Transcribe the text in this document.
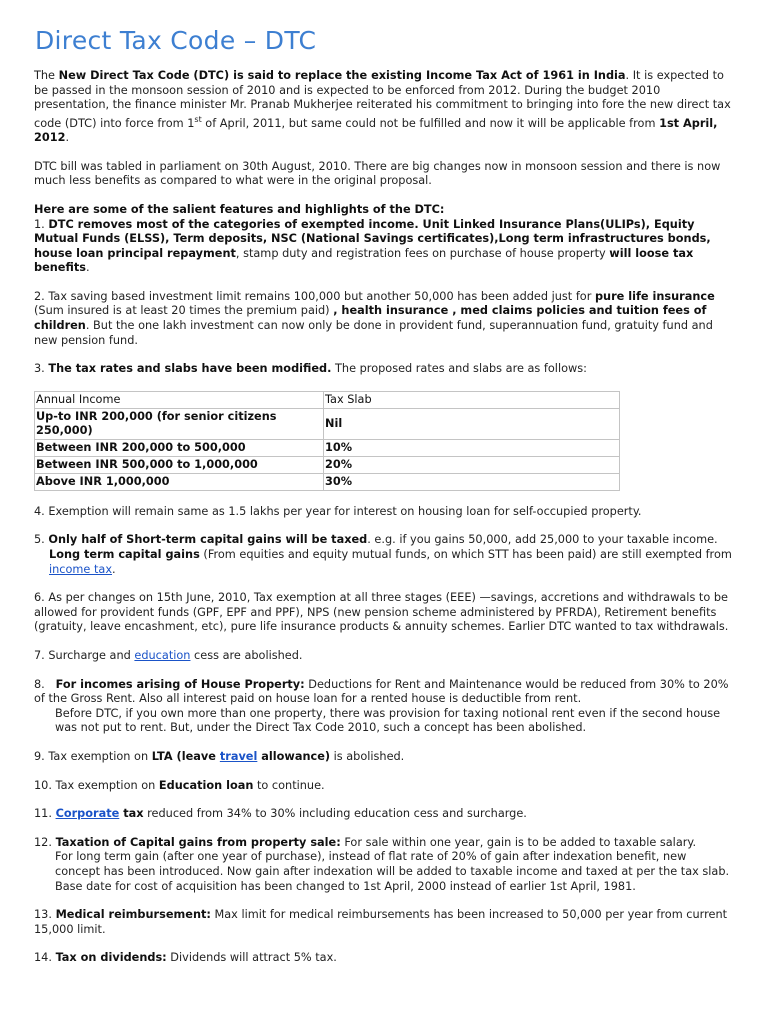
Direct Tax Code – DTC

The New Direct Tax Code (DTC) is said to replace the existing Income Tax Act of 1961 in India. It is expected to be passed in the monsoon session of 2010 and is expected to be enforced from 2012. During the budget 2010 presentation, the finance minister Mr. Pranab Mukherjee reiterated his commitment to bringing into fore the new direct tax code (DTC) into force from 1st of April, 2011, but same could not be fulfilled and now it will be applicable from 1st April, 2012.

DTC bill was tabled in parliament on 30th August, 2010. There are big changes now in monsoon session and there is now much less benefits as compared to what were in the original proposal.

Here are some of the salient features and highlights of the DTC:

1. DTC removes most of the categories of exempted income. Unit Linked Insurance Plans(ULIPs), Equity Mutual Funds (ELSS), Term deposits, NSC (National Savings certificates),Long term infrastructures bonds, house loan principal repayment, stamp duty and registration fees on purchase of house property will loose tax benefits.

2. Tax saving based investment limit remains 100,000 but another 50,000 has been added just for pure life insurance (Sum insured is at least 20 times the premium paid) , health insurance , med claims policies and tuition fees of children. But the one lakh investment can now only be done in provident fund, superannuation fund, gratuity fund and new pension fund.

3. The tax rates and slabs have been modified. The proposed rates and slabs are as follows:

Annual Income	Tax Slab
Up-to INR 200,000 (for senior citizens 250,000)	Nil
Between INR 200,000 to 500,000	10%
Between INR 500,000 to 1,000,000	20%
Above INR 1,000,000	30%

4. Exemption will remain same as 1.5 lakhs per year for interest on housing loan for self-occupied property.

5. Only half of Short-term capital gains will be taxed. e.g. if you gains 50,000, add 25,000 to your taxable income.

Long term capital gains (From equities and equity mutual funds, on which STT has been paid) are still exempted from income tax.

6. As per changes on 15th June, 2010, Tax exemption at all three stages (EEE) —savings, accretions and withdrawals to be allowed for provident funds (GPF, EPF and PPF), NPS (new pension scheme administered by PFRDA), Retirement benefits (gratuity, leave encashment, etc), pure life insurance products & annuity schemes. Earlier DTC wanted to tax withdrawals.

7. Surcharge and education cess are abolished.

8.   For incomes arising of House Property: Deductions for Rent and Maintenance would be reduced from 30% to 20% of the Gross Rent. Also all interest paid on house loan for a rented house is deductible from rent.

Before DTC, if you own more than one property, there was provision for taxing notional rent even if the second house was not put to rent. But, under the Direct Tax Code 2010, such a concept has been abolished.

9. Tax exemption on LTA (leave travel allowance) is abolished.

10. Tax exemption on Education loan to continue.

11. Corporate tax reduced from 34% to 30% including education cess and surcharge.

12. Taxation of Capital gains from property sale: For sale within one year, gain is to be added to taxable salary.

For long term gain (after one year of purchase), instead of flat rate of 20% of gain after indexation benefit, new concept has been introduced. Now gain after indexation will be added to taxable income and taxed at per the tax slab. Base date for cost of acquisition has been changed to 1st April, 2000 instead of earlier 1st April, 1981.

13. Medical reimbursement: Max limit for medical reimbursements has been increased to 50,000 per year from current 15,000 limit.

14. Tax on dividends: Dividends will attract 5% tax.
